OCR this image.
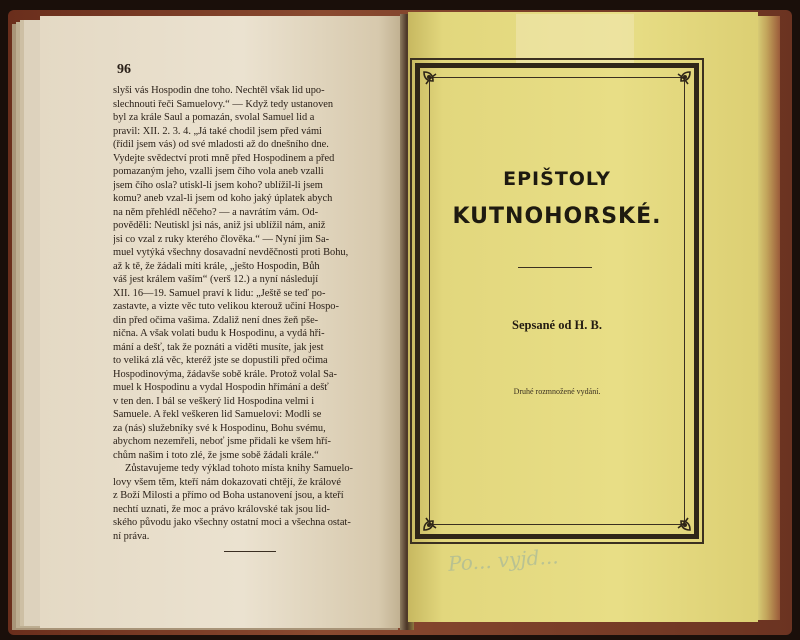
96

slyši vás Hospodin dne toho. Nechtěl však lid upo-
slechnouti řeči Samuelovy.“ — Když tedy ustanoven
byl za krále Saul a pomazán, svolal Samuel lid a
pravil: XII. 2. 3. 4. „Já také chodil jsem před vámi
(řídil jsem vás) od své mladosti až do dnešního dne.
Vydejte svědectví proti mně před Hospodinem a před
pomazaným jeho, vzalli jsem čího vola aneb vzalli
jsem čího osla? utiskl-li jsem koho? ublížil-li jsem
komu? aneb vzal-li jsem od koho jaký úplatek abych
na něm přehlédl něčeho? — a navrátím vám. Od-
pověděli: Neutiskl jsi nás, aniž jsi ublížil nám, aniž
jsi co vzal z ruky kterého člověka.“ — Nyní jim Sa-
muel vytýká všechny dosavadní nevděčnosti proti Bohu,
až k tě, že žádali míti krále, „ješto Hospodin, Bůh
váš jest králem vaším“ (verš 12.) a nyní následují
XII. 16—19. Samuel praví k lidu: „Ještě se teď po-
zastavte, a vizte věc tuto velikou kterouž učiní Hospo-
din před očima vašima. Zdaliž není dnes žeň pše-
nična. A však volati budu k Hospodinu, a vydá hři-
mání a dešť, tak že poznáti a viděti musíte, jak jest
to veliká zlá věc, kteréž jste se dopustili před očima
Hospodinovýma, žádavše sobě krále. Protož volal Sa-
muel k Hospodinu a vydal Hospodin hřímání a dešť
v ten den. I bál se veškerý lid Hospodina velmi i
Samuele. A řekl veškeren lid Samuelovi: Modli se
za (nás) služebníky své k Hospodinu, Bohu svému,
abychom nezemřeli, neboť jsme přidali ke všem hří-
chům našim i toto zlé, že jsme sobě žádali krále.“
Zůstavujeme tedy výklad tohoto místa knihy Samuelo-
lovy všem těm, kteří nám dokazovati chtějí, že králové
z Boží Milosti a přímo od Boha ustanovení jsou, a kteří
nechtí uznati, že moc a právo královské tak jsou lid-
ského původu jako všechny ostatní moci a všechna ostat-
ní práva.

EPIŠTOLY
KUTNOHORSKÉ.
Sepsané od H. B.
Druhé rozmnožené vydání.
Po... vyjd...
